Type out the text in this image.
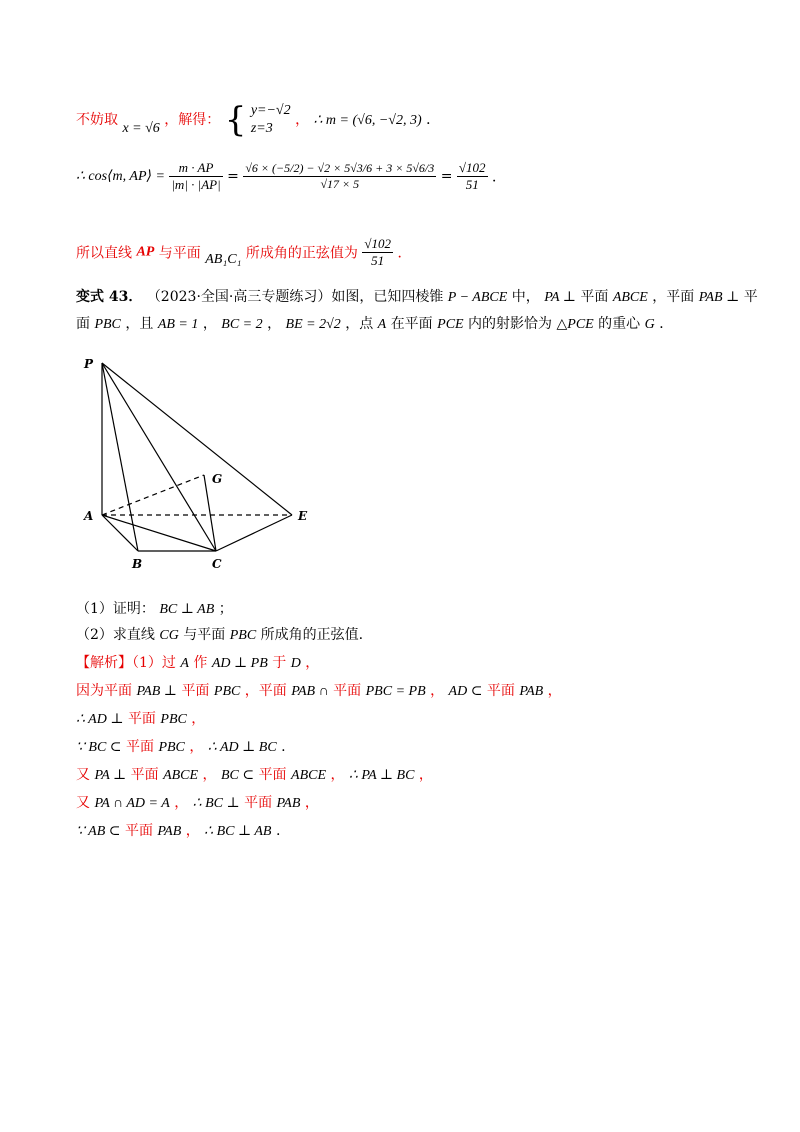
不妨取 x = √6 ，解得： { y=−√2
z=3
， ∴ m = (√6, −√2, 3) ．
∴ cos⟨m, AP⟩ = $\frac{m \cdot AP}{|m| \cdot |AP|} = \frac{√6 \times (-5/2) - √2 \times 5√3/6 + 3 \times 5√6/3}{√17 \times 5} = \frac{√102}{51}$ ．
所以直线 AP 与平面 AB₁C₁ 所成角的正弦值为 $\frac{√102}{51}$ ．
变式 43． （2023·全国·高三专题练习）如图，已知四棱锥 P − ABCE 中， PA ⊥ 平面 ABCE ，平面 PAB ⊥ 平
面 PBC ，且 AB = 1 ， BC = 2 ， BE = 2√2 ，点 A 在平面 PCE 内的射影恰为 △PCE 的重心 G ．
P
A
B	C
E
G
（1）证明： BC ⊥ AB ；
（2）求直线 CG 与平面 PBC 所成角的正弦值.
【解析】（1）过 A 作 AD ⊥ PB 于 D ，
因为平面 PAB ⊥ 平面 PBC ，平面 PAB ∩ 平面 PBC = PB ， AD ⊂ 平面 PAB ，
∴ AD ⊥ 平面 PBC ，
∵ BC ⊂ 平面 PBC ， ∴ AD ⊥ BC .
又 PA ⊥ 平面 ABCE ， BC ⊂ 平面 ABCE ， ∴ PA ⊥ BC ，
又 PA ∩ AD = A ， ∴ BC ⊥ 平面 PAB ，
∵ AB ⊂ 平面 PAB ， ∴ BC ⊥ AB .
